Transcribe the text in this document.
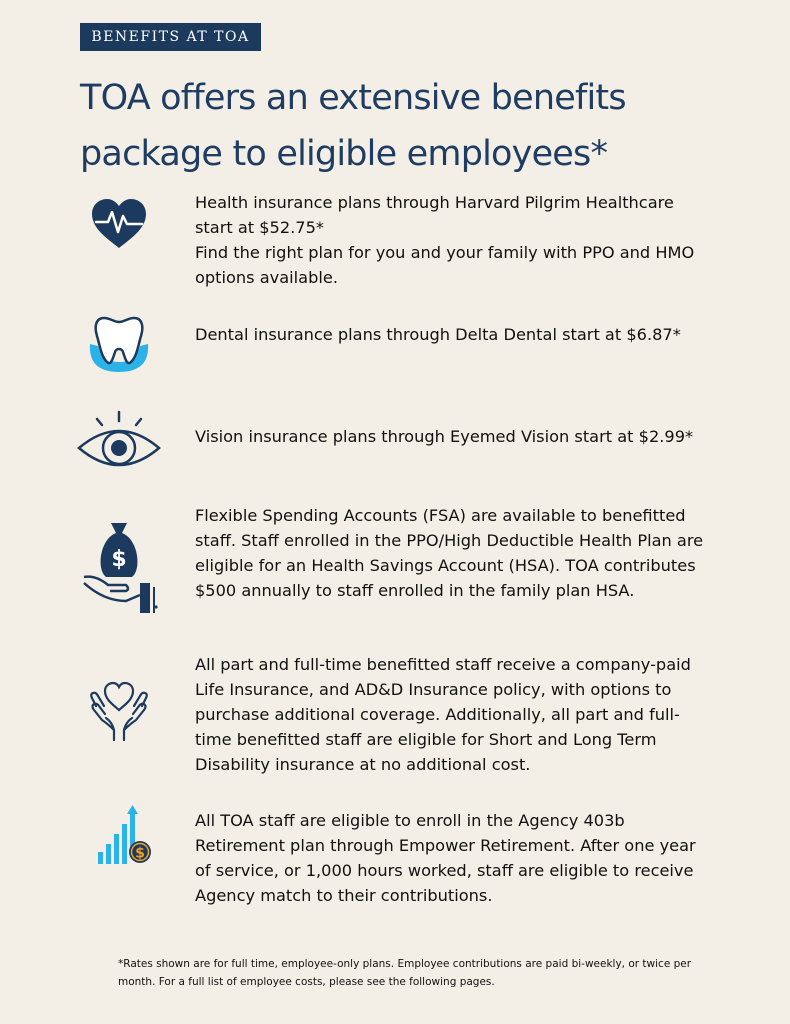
BENEFITS AT TOA
TOA offers an extensive benefits package to eligible employees*

Health insurance plans through Harvard Pilgrim Healthcare start at $52.75*

Find the right plan for you and your family with PPO and HMO options available.

Dental insurance plans through Delta Dental start at $6.87*

Vision insurance plans through Eyemed Vision start at $2.99*

$

Flexible Spending Accounts (FSA) are available to benefitted staff. Staff enrolled in the PPO/High Deductible Health Plan are eligible for an Health Savings Account (HSA). TOA contributes $500 annually to staff enrolled in the family plan HSA.

All part and full-time benefitted staff receive a company-paid Life Insurance, and AD&D Insurance policy, with options to purchase additional coverage. Additionally, all part and full-time benefitted staff are eligible for Short and Long Term Disability insurance at no additional cost.

$

All TOA staff are eligible to enroll in the Agency 403b Retirement plan through Empower Retirement. After one year of service, or 1,000 hours worked, staff are eligible to receive Agency match to their contributions.

*Rates shown are for full time, employee-only plans. Employee contributions are paid bi-weekly, or twice per month. For a full list of employee costs, please see the following pages.
